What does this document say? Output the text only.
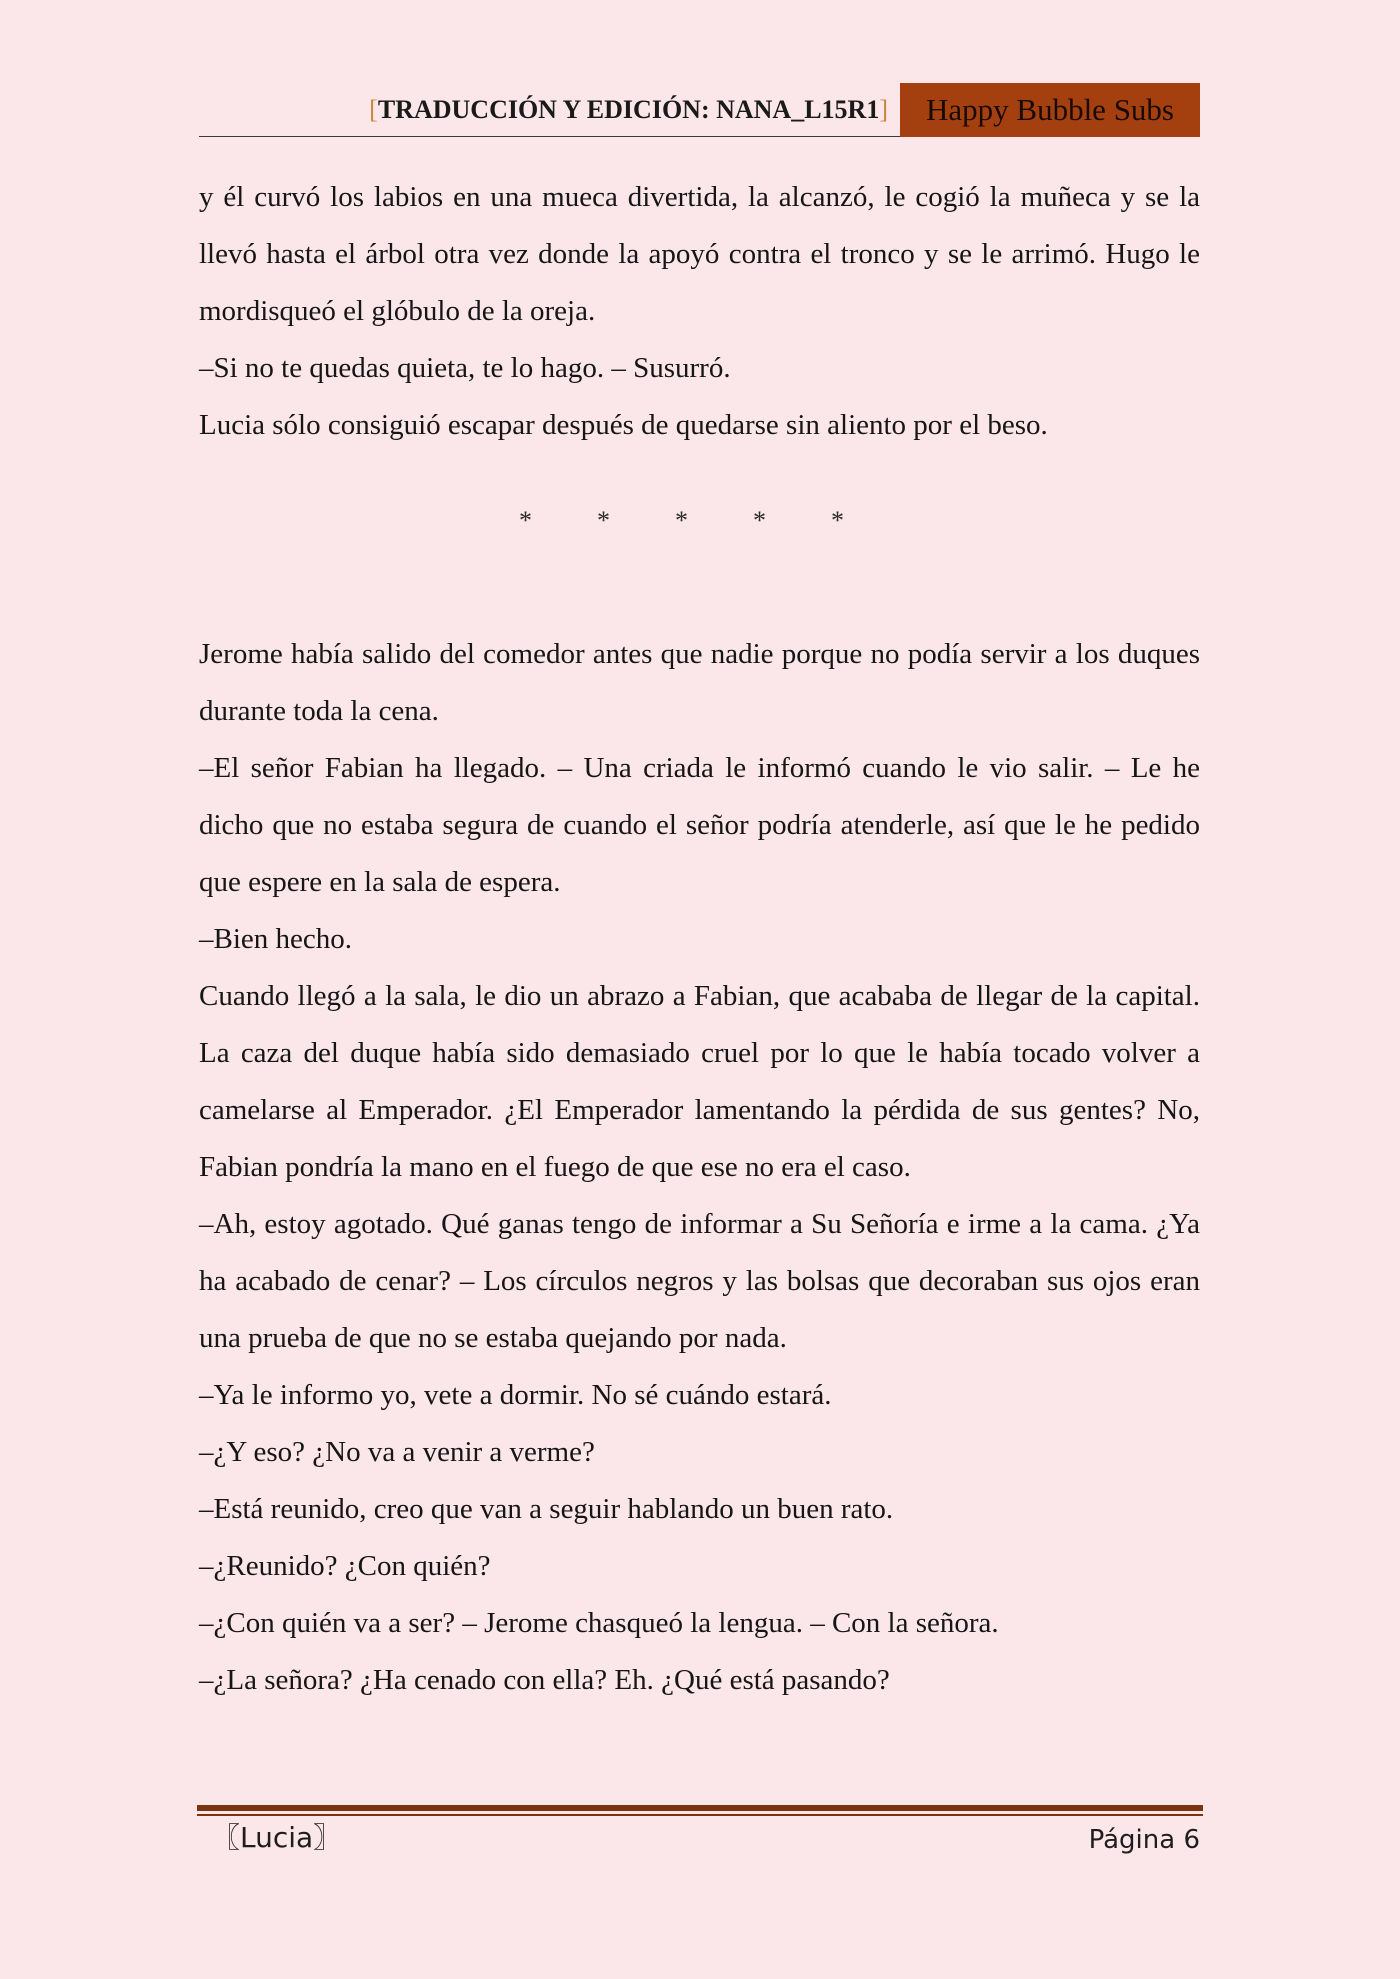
[TRADUCCIÓN Y EDICIÓN: NANA_L15R1]	Happy Bubble Subs

y él curvó los labios en una mueca divertida, la alcanzó, le cogió la muñeca y se la llevó hasta el árbol otra vez donde la apoyó contra el tronco y se le arrimó. Hugo le mordisqueó el glóbulo de la oreja.

–Si no te quedas quieta, te lo hago. – Susurró.

Lucia sólo consiguió escapar después de quedarse sin aliento por el beso.

*          *          *          *          *

Jerome había salido del comedor antes que nadie porque no podía servir a los duques durante toda la cena.

–El señor Fabian ha llegado. – Una criada le informó cuando le vio salir. – Le he dicho que no estaba segura de cuando el señor podría atenderle, así que le he pedido que espere en la sala de espera.

–Bien hecho.

Cuando llegó a la sala, le dio un abrazo a Fabian, que acababa de llegar de la capital. La caza del duque había sido demasiado cruel por lo que le había tocado volver a camelarse al Emperador. ¿El Emperador lamentando la pérdida de sus gentes? No, Fabian pondría la mano en el fuego de que ese no era el caso.

–Ah, estoy agotado. Qué ganas tengo de informar a Su Señoría e irme a la cama. ¿Ya ha acabado de cenar? – Los círculos negros y las bolsas que decoraban sus ojos eran una prueba de que no se estaba quejando por nada.

–Ya le informo yo, vete a dormir. No sé cuándo estará.

–¿Y eso? ¿No va a venir a verme?

–Está reunido, creo que van a seguir hablando un buen rato.

–¿Reunido? ¿Con quién?

–¿Con quién va a ser? – Jerome chasqueó la lengua. – Con la señora.

–¿La señora? ¿Ha cenado con ella? Eh. ¿Qué está pasando?

〖Lucia〗	Página 6
